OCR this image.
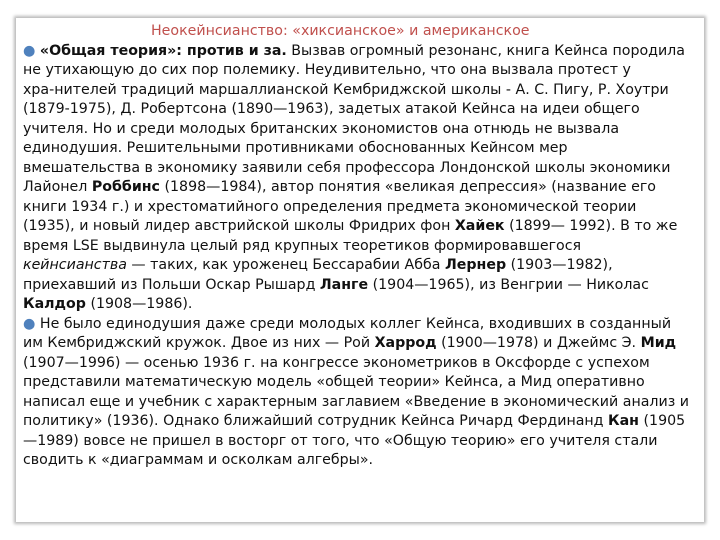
Неокейнсианство: «хиксианское» и американское
● «Общая теория»: против и за. Вызвав огромный резонанс, книга Кейнса породила
не утихающую до сих пор полемику. Неудивительно, что она вызвала протест у
хра-нителей традиций маршаллианской Кембриджской школы - А. С. Пигу, Р. Хоутри
(1879-1975), Д. Робертсона (1890—1963), задетых атакой Кейнса на идеи общего
учителя. Но и среди молодых британских экономистов она отнюдь не вызвала
единодушия. Решительными противниками обоснованных Кейнсом мер
вмешательства в экономику заявили себя профессора Лондонской школы экономики
Лайонел Роббинс (1898—1984), автор понятия «великая депрессия» (название его
книги 1934 г.) и хрестоматийного определения предмета экономической теории
(1935), и новый лидер австрийской школы Фридрих фон Хайек (1899— 1992). В то же
время LSE выдвинула целый ряд крупных теоретиков формировавшегося
кейнсианства — таких, как уроженец Бессарабии Абба Лернер (1903—1982),
приехавший из Польши Оскар Рышард Ланге (1904—1965), из Венгрии — Николас
Калдор (1908—1986).
● Не было единодушия даже среди молодых коллег Кейнса, входивших в созданный
им Кембриджский кружок. Двое из них — Рой Харрод (1900—1978) и Джеймс Э. Мид
(1907—1996) — осенью 1936 г. на конгрессе эконометриков в Оксфорде с успехом
представили математическую модель «общей теории» Кейнса, а Мид оперативно
написал еще и учебник с характерным заглавием «Введение в экономический анализ и
политику» (1936). Однако ближайший сотрудник Кейнса Ричард Фердинанд Кан (1905
—1989) вовсе не пришел в восторг от того, что «Общую теорию» его учителя стали
сводить к «диаграммам и осколкам алгебры».
